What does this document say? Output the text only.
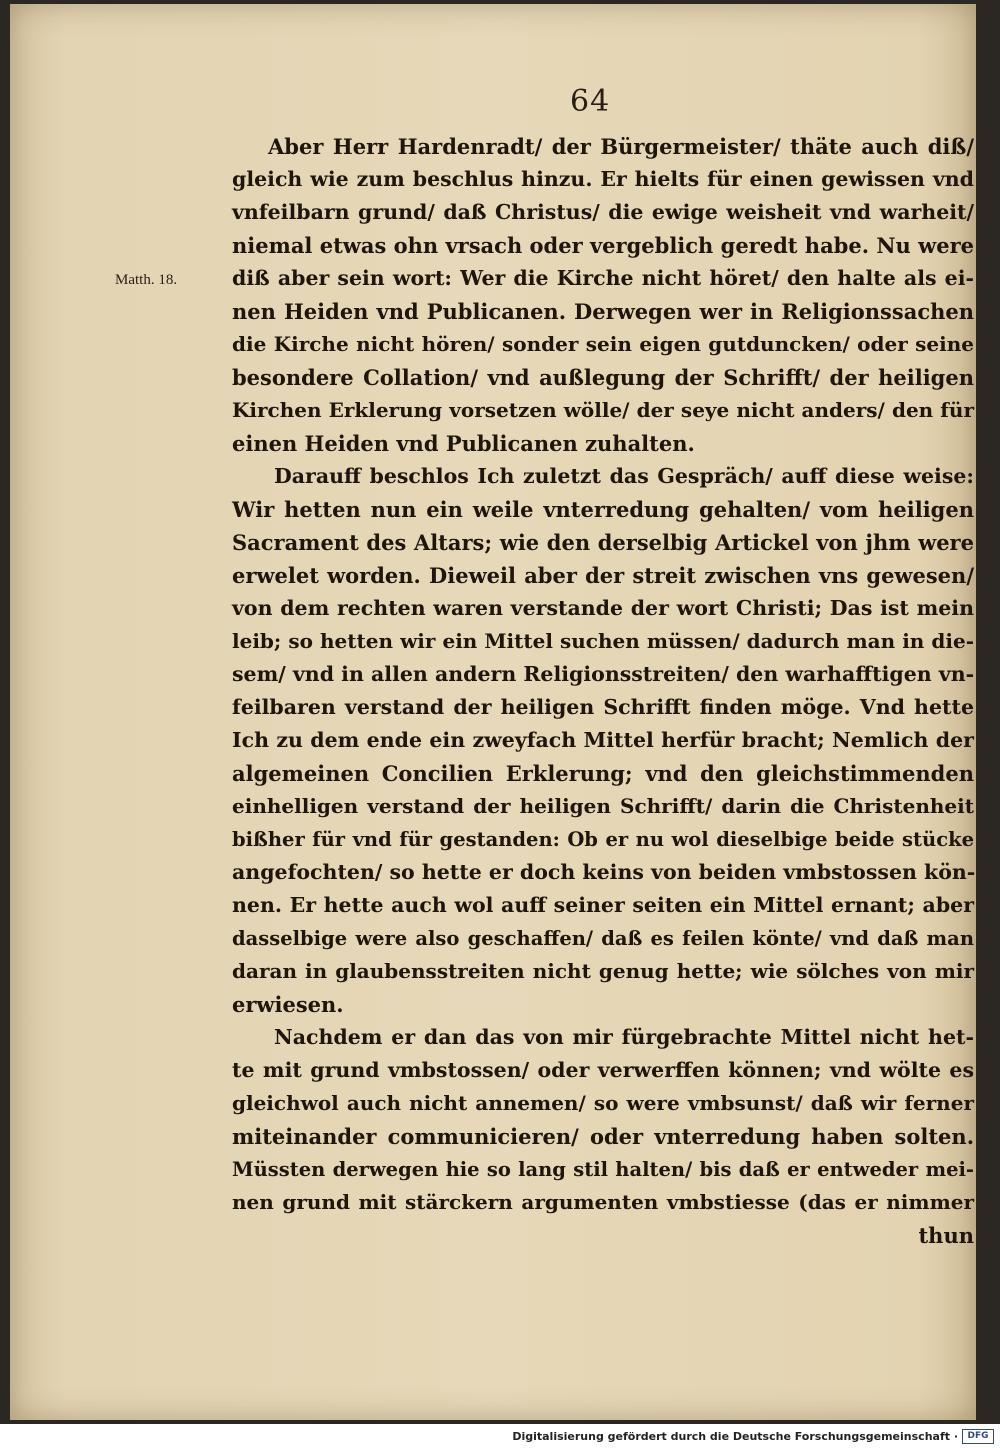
64
Matth. 18.
Aber Herr Hardenradt/ der Bürgermeister/ thäte auch diß/
gleich wie zum beschlus hinzu. Er hielts für einen gewissen vnd
vnfeilbarn grund/ daß Christus/ die ewige weisheit vnd warheit/
niemal etwas ohn vrsach oder vergeblich geredt habe. Nu were
diß aber sein wort: Wer die Kirche nicht höret/ den halte als ei-
nen Heiden vnd Publicanen. Derwegen wer in Religionssachen
die Kirche nicht hören/ sonder sein eigen gutduncken/ oder seine
besondere Collation/ vnd außlegung der Schrifft/ der heiligen
Kirchen Erklerung vorsetzen wölle/ der seye nicht anders/ den für
einen Heiden vnd Publicanen zuhalten.
Darauff beschlos Ich zuletzt das Gespräch/ auff diese weise:
Wir hetten nun ein weile vnterredung gehalten/ vom heiligen
Sacrament des Altars; wie den derselbig Artickel von jhm were
erwelet worden. Dieweil aber der streit zwischen vns gewesen/
von dem rechten waren verstande der wort Christi; Das ist mein
leib; so hetten wir ein Mittel suchen müssen/ dadurch man in die-
sem/ vnd in allen andern Religionsstreiten/ den warhafftigen vn-
feilbaren verstand der heiligen Schrifft finden möge. Vnd hette
Ich zu dem ende ein zweyfach Mittel herfür bracht; Nemlich der
algemeinen Concilien Erklerung; vnd den gleichstimmenden
einhelligen verstand der heiligen Schrifft/ darin die Christenheit
bißher für vnd für gestanden: Ob er nu wol dieselbige beide stücke
angefochten/ so hette er doch keins von beiden vmbstossen kön-
nen. Er hette auch wol auff seiner seiten ein Mittel ernant; aber
dasselbige were also geschaffen/ daß es feilen könte/ vnd daß man
daran in glaubensstreiten nicht genug hette; wie sölches von mir
erwiesen.
Nachdem er dan das von mir fürgebrachte Mittel nicht het-
te mit grund vmbstossen/ oder verwerffen können; vnd wölte es
gleichwol auch nicht annemen/ so were vmbsunst/ daß wir ferner
miteinander communicieren/ oder vnterredung haben solten.
Müssten derwegen hie so lang stil halten/ bis daß er entweder mei-
nen grund mit stärckern argumenten vmbstiesse (das er nimmer
thun
Digitalisierung gefördert durch die Deutsche Forschungsgemeinschaft ·	DFG
